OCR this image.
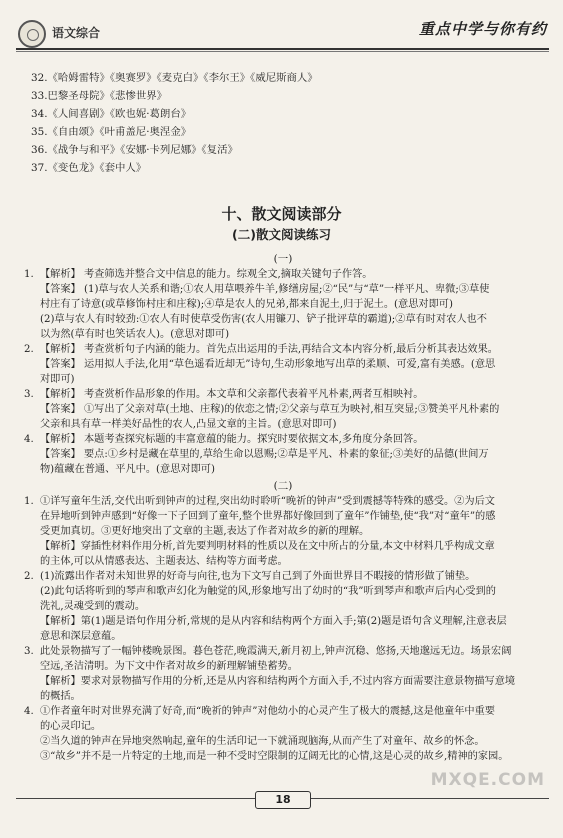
语文综合	重点中学与你有约
32.《哈姆雷特》《奥赛罗》《麦克白》《李尔王》《威尼斯商人》
33.巴黎圣母院》《悲惨世界》
34.《人间喜剧》《欧也妮·葛朗台》
35.《自由颂》《叶甫盖尼·奥涅金》
36.《战争与和平》《安娜·卡列尼娜》《复活》
37.《变色龙》《套中人》
十、散文阅读部分
(二)散文阅读练习
(一)
1. 【解析】 考查筛选并整合文中信息的能力。综观全文,摘取关键句子作答。
【答案】 (1)草与农人关系和谐;①农人用草喂养牛羊,修缮房屋;②“民”与“草”一样平凡、卑微;③草使
村庄有了诗意(或草修饰村庄和庄稼);④草是农人的兄弟,都来自泥土,归于泥土。(意思对即可)
(2)草与农人有时较劲:①农人有时使草受伤害(农人用镰刀、铲子批评草的霸道);②草有时对农人也不
以为然(草有时也笑话农人)。(意思对即可)
2. 【解析】 考查赏析句子内涵的能力。首先点出运用的手法,再结合文本内容分析,最后分析其表达效果。
【答案】 运用拟人手法,化用“草色遥看近却无”诗句,生动形象地写出草的柔顺、可爱,富有美感。(意思
对即可)
3. 【解析】 考查赏析作品形象的作用。本文草和父亲都代表着平凡朴素,两者互相映衬。
【答案】 ①写出了父亲对草(土地、庄稼)的依恋之情;②父亲与草互为映衬,相互突显;③赞美平凡朴素的
父亲和具有草一样美好品性的农人,凸显文章的主旨。(意思对即可)
4. 【解析】 本题考查探究标题的丰富意蕴的能力。探究时要依据文本,多角度分条回答。
【答案】 要点:①乡村是藏在草里的,草给生命以恩赐;②草是平凡、朴素的象征;③美好的品德(世间万
物)蕴藏在普通、平凡中。(意思对即可)
(二)
1. ①详写童年生活,交代出听到钟声的过程,突出幼时聆听“晚祈的钟声”受到震撼等特殊的感受。②为后文
在异地听到钟声感到“好像一下子回到了童年,整个世界都好像回到了童年”作铺垫,使“我”对“童年”的感
受更加真切。③更好地突出了文章的主题,表达了作者对故乡的新的理解。
【解析】穿插性材料作用分析,首先要判明材料的性质以及在文中所占的分量,本文中材料几乎构成文章
的主体,可以从情感表达、主题表达、结构等方面考虑。
2. (1)流露出作者对未知世界的好奇与向往,也为下文写自己到了外面世界目不暇接的情形做了铺垫。
(2)此句话将听到的琴声和歌声幻化为触觉的风,形象地写出了幼时的“我”听到琴声和歌声后内心受到的
洗礼,灵魂受到的震动。
【解析】第(1)题是语句作用分析,常规的是从内容和结构两个方面入手;第(2)题是语句含义理解,注意表层
意思和深层意蕴。
3. 此处景物描写了一幅钟楼晚景图。暮色苍茫,晚霞满天,新月初上,钟声沉稳、悠扬,天地邈远无边。场景宏阔
空远,圣洁清明。为下文中作者对故乡的新理解铺垫蓄势。
【解析】要求对景物描写作用的分析,还是从内容和结构两个方面入手,不过内容方面需要注意景物描写意境
的概括。
4. ①作者童年时对世界充满了好奇,而“晚祈的钟声”对他幼小的心灵产生了极大的震撼,这是他童年中重要
的心灵印记。
②当久道的钟声在异地突然响起,童年的生活印记一下就涌现脑海,从而产生了对童年、故乡的怀念。
③“故乡”并不是一片特定的土地,而是一种不受时空限制的辽阔无比的心情,这是心灵的故乡,精神的家园。
MXQE.COM
18
